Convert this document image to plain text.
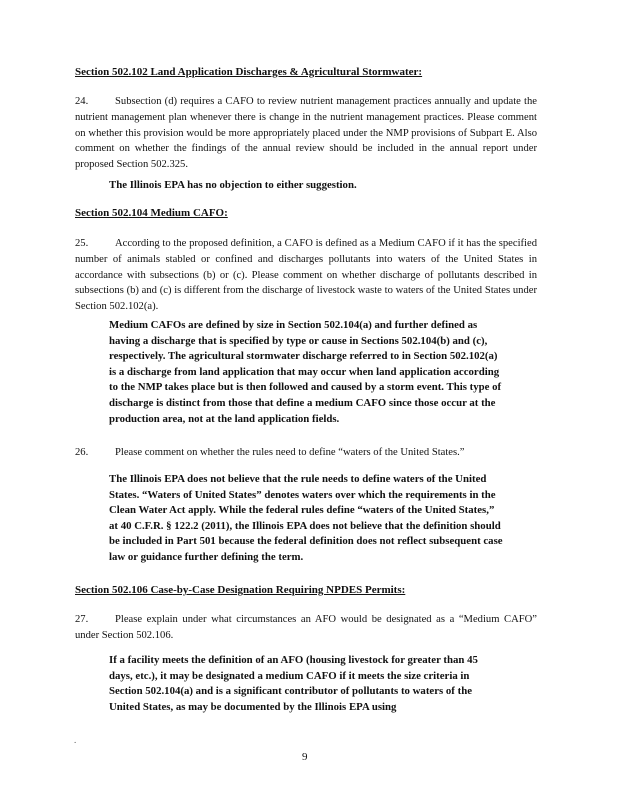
Section 502.102 Land Application Discharges & Agricultural Stormwater:
24.	Subsection (d) requires a CAFO to review nutrient management practices annually and update the nutrient management plan whenever there is change in the nutrient management practices. Please comment on whether this provision would be more appropriately placed under the NMP provisions of Subpart E. Also comment on whether the findings of the annual review should be included in the annual report under proposed Section 502.325.
The Illinois EPA has no objection to either suggestion.
Section 502.104 Medium CAFO:
25.	According to the proposed definition, a CAFO is defined as a Medium CAFO if it has the specified number of animals stabled or confined and discharges pollutants into waters of the United States in accordance with subsections (b) or (c). Please comment on whether discharge of pollutants described in subsections (b) and (c) is different from the discharge of livestock waste to waters of the United States under Section 502.102(a).
Medium CAFOs are defined by size in Section 502.104(a) and further defined as having a discharge that is specified by type or cause in Sections 502.104(b) and (c), respectively. The agricultural stormwater discharge referred to in Section 502.102(a) is a discharge from land application that may occur when land application according to the NMP takes place but is then followed and caused by a storm event. This type of discharge is distinct from those that define a medium CAFO since those occur at the production area, not at the land application fields.
26.	Please comment on whether the rules need to define “waters of the United States.”
The Illinois EPA does not believe that the rule needs to define waters of the United States. “Waters of United States” denotes waters over which the requirements in the Clean Water Act apply. While the federal rules define “waters of the United States,” at 40 C.F.R. § 122.2 (2011), the Illinois EPA does not believe that the definition should be included in Part 501 because the federal definition does not reflect subsequent case law or guidance further defining the term.
Section 502.106 Case-by-Case Designation Requiring NPDES Permits:
27.	Please explain under what circumstances an AFO would be designated as a “Medium CAFO” under Section 502.106.
If a facility meets the definition of an AFO (housing livestock for greater than 45 days, etc.), it may be designated a medium CAFO if it meets the size criteria in Section 502.104(a) and is a significant contributor of pollutants to waters of the United States, as may be documented by the Illinois EPA using
.
9
